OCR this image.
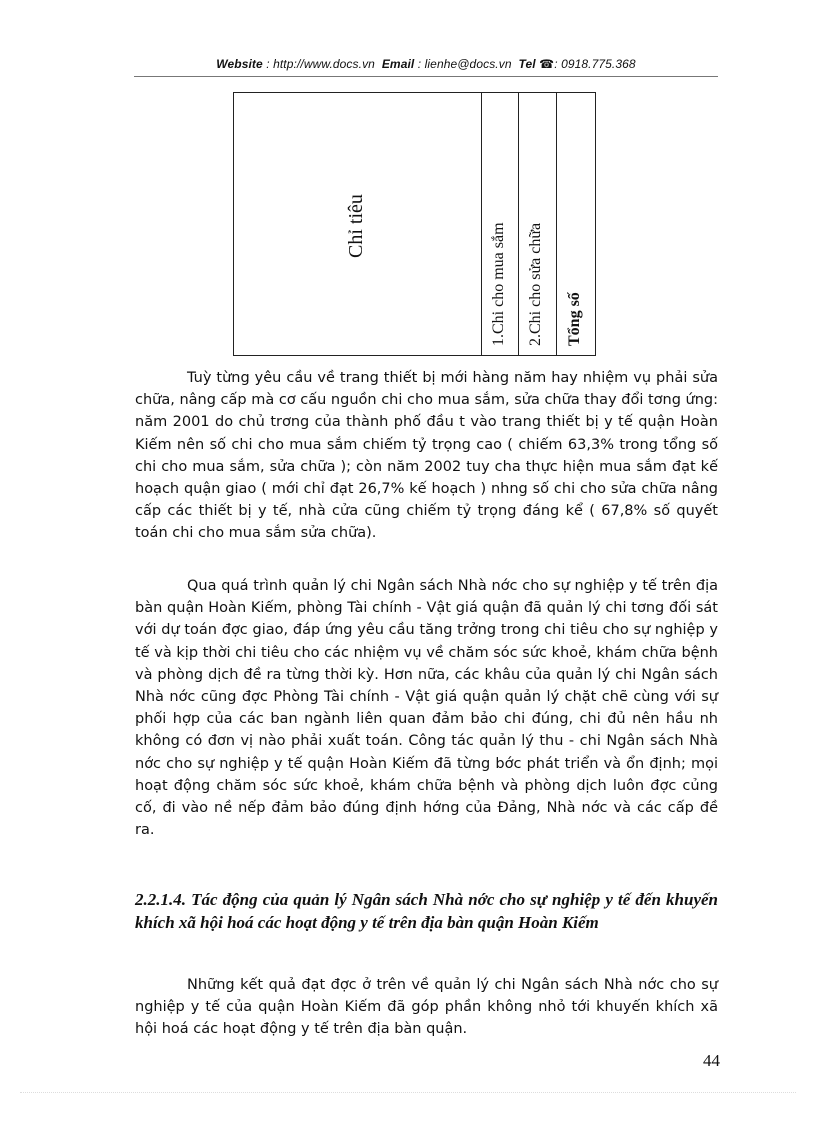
Website : http://www.docs.vn Email : lienhe@docs.vn Tel ☎: 0918.775.368
Chỉ tiêu	1.Chi cho mua sắm 2.Chi cho sửa chữa Tổng số

Tuỳ từng yêu cầu về trang thiết bị mới hàng năm hay nhiệm vụ phải sửa chữa, nâng cấp mà cơ cấu nguồn chi cho mua sắm, sửa chữa thay đổi tơng ứng: năm 2001 do chủ trơng của thành phố đầu t vào trang thiết bị y tế quận Hoàn Kiếm nên số chi cho mua sắm chiếm tỷ trọng cao ( chiếm 63,3% trong tổng số chi cho mua sắm, sửa chữa ); còn năm 2002 tuy cha thực hiện mua sắm đạt kế hoạch quận giao ( mới chỉ đạt 26,7% kế hoạch ) nhng số chi cho sửa chữa nâng cấp các thiết bị y tế, nhà cửa cũng chiếm tỷ trọng đáng kể ( 67,8% số quyết toán chi cho mua sắm sửa chữa).

Qua quá trình quản lý chi Ngân sách Nhà nớc cho sự nghiệp y tế trên địa bàn quận Hoàn Kiếm, phòng Tài chính - Vật giá quận đã quản lý chi tơng đối sát với dự toán đợc giao, đáp ứng yêu cầu tăng trởng trong chi tiêu cho sự nghiệp y tế và kịp thời chi tiêu cho các nhiệm vụ về chăm sóc sức khoẻ, khám chữa bệnh và phòng dịch đề ra từng thời kỳ. Hơn nữa, các khâu của quản lý chi Ngân sách Nhà nớc cũng đợc Phòng Tài chính - Vật giá quận quản lý chặt chẽ cùng với sự phối hợp của các ban ngành liên quan đảm bảo chi đúng, chi đủ nên hầu nh không có đơn vị nào phải xuất toán. Công tác quản lý thu - chi Ngân sách Nhà nớc cho sự nghiệp y tế quận Hoàn Kiếm đã từng bớc phát triển và ổn định; mọi hoạt động chăm sóc sức khoẻ, khám chữa bệnh và phòng dịch luôn đợc củng cố, đi vào nề nếp đảm bảo đúng định hớng của Đảng, Nhà nớc và các cấp đề ra.

2.2.1.4. Tác động của quản lý Ngân sách Nhà nớc cho sự nghiệp y tế đến khuyến khích xã hội hoá các hoạt động y tế trên địa bàn quận Hoàn Kiếm

Những kết quả đạt đợc ở trên về quản lý chi Ngân sách Nhà nớc cho sự nghiệp y tế của quận Hoàn Kiếm đã góp phần không nhỏ tới khuyến khích xã hội hoá các hoạt động y tế trên địa bàn quận.

44
